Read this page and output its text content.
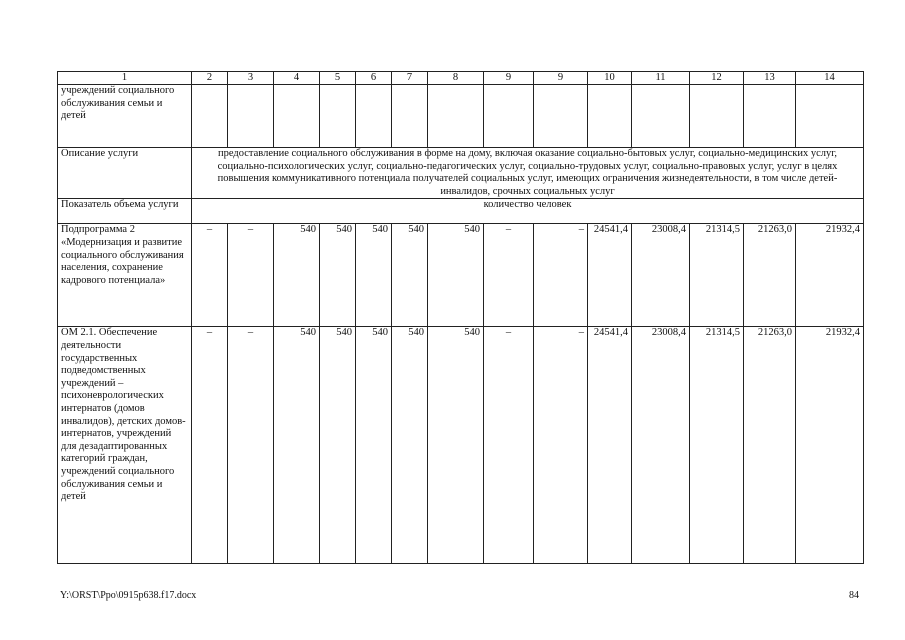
1	2	3	4	5	6	7	8	9	9	10	11	12	13	14
учреждений социального обслуживания семьи и детей														
Описание услуги	предоставление социального обслуживания в форме на дому, включая оказание социально-бытовых услуг, социально-медицинских услуг, социально-психологических услуг, социально-педагогических услуг, социально-трудовых услуг, социально-правовых услуг, услуг в целях повышения коммуникативного потенциала получателей социальных услуг, имеющих ограничения жизнедеятельности, в том числе детей-инвалидов, срочных социальных услуг													
Показатель объема услуги	количество человек													
Подпрограмма 2 «Модернизация и развитие социального обслуживания населения, сохранение кадрового потенциала»	–	–	540	540	540	540	540	–	–	24541,4	23008,4	21314,5	21263,0	21932,4
ОМ 2.1. Обеспечение деятельности государственных подведомственных учреждений – психоневрологических интернатов (домов инвалидов), детских домов-интернатов, учреждений для дезадаптированных категорий граждан, учреждений социального обслуживания семьи и детей	–	–	540	540	540	540	540	–	–	24541,4	23008,4	21314,5	21263,0	21932,4
Y:\ORST\Ppo\0915p638.f17.docx	84
